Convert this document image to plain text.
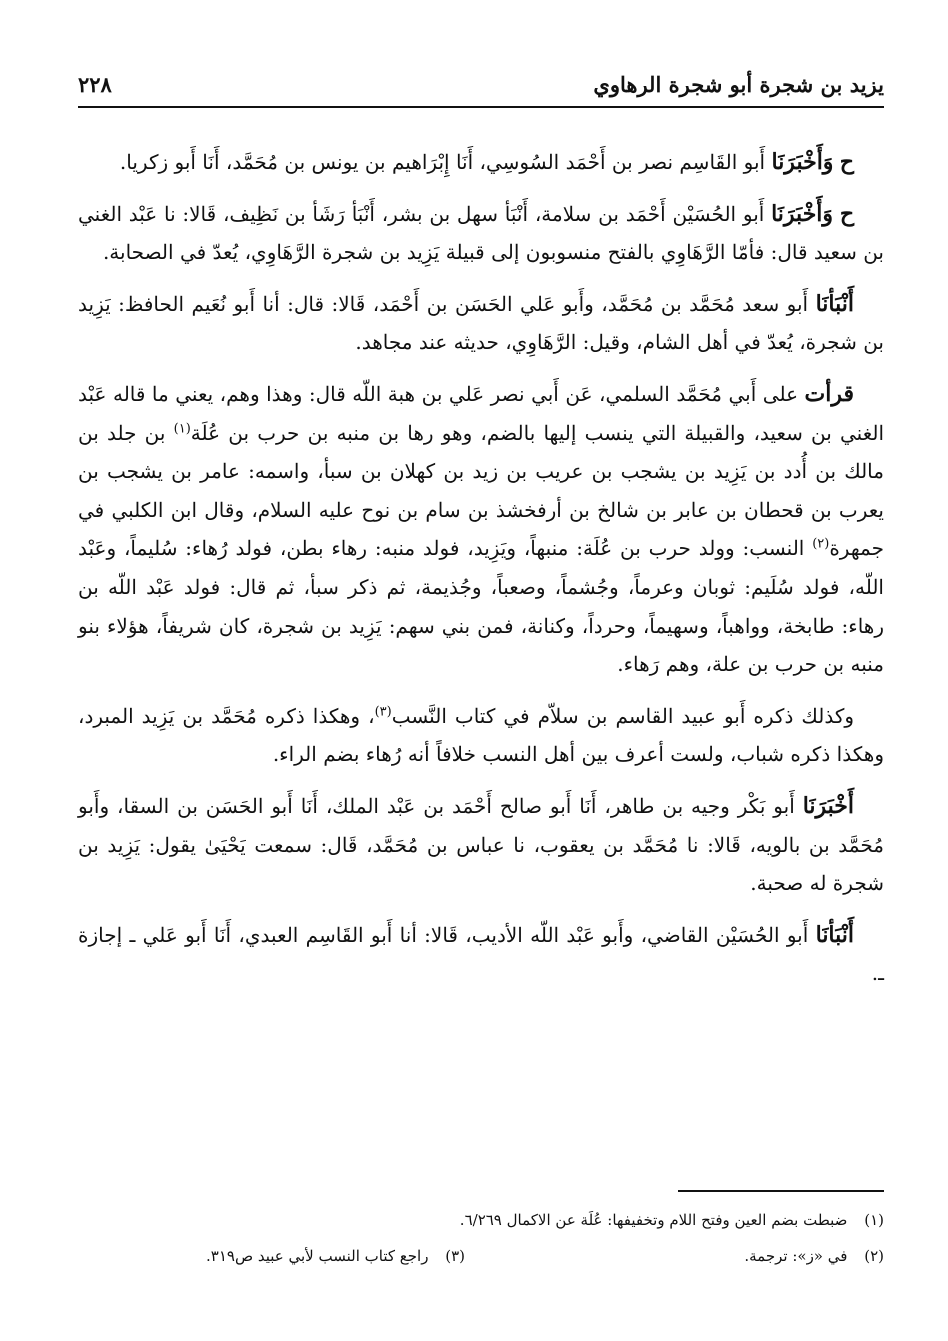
يزيد بن شجرة أبو شجرة الرهاوي
٢٢٨

ح وَأَخْبَرَنَا أَبو القَاسِم نصر بن أَحْمَد السُوسِي، أَنَا إِبْرَاهيم بن يونس بن مُحَمَّد، أَنَا أَبو زكريا.

ح وَأَخْبَرَنَا أَبو الحُسَيْن أَحْمَد بن سلامة، أَنْبَأ سهل بن بشر، أَنْبَأ رَشَأ بن نَظِيف، قَالا: نا عَبْد الغني بن سعيد قال: فأمّا الرَّهَاوِي بالفتح منسوبون إلى قبيلة يَزِيد بن شجرة الرَّهَاوِي، يُعدّ في الصحابة.

أَنْبَأنَا أَبو سعد مُحَمَّد بن مُحَمَّد، وأَبو عَلي الحَسَن بن أَحْمَد، قَالا: قال: أنا أَبو نُعَيم الحافظ: يَزِيد بن شجرة، يُعدّ في أهل الشام، وقيل: الرَّهَاوِي، حديثه عند مجاهد.

قرأت على أَبي مُحَمَّد السلمي، عَن أَبي نصر عَلي بن هبة اللّه قال: وهذا وهم، يعني ما قاله عَبْد الغني بن سعيد، والقبيلة التي ينسب إليها بالضم، وهو رها بن منبه بن حرب بن عُلَة$^{(١)}$ بن جلد بن مالك بن أُدد بن يَزِيد بن يشجب بن عريب بن زيد بن كهلان بن سبأ، واسمه: عامر بن يشجب بن يعرب بن قحطان بن عابر بن شالخ بن أرفخشذ بن سام بن نوح عليه السلام، وقال ابن الكلبي في جمهرة$^{(٢)}$ النسب: وولد حرب بن عُلَة: منبهاً، ويَزِيد، فولد منبه: رهاء بطن، فولد رُهاء: سُليماً، وعَبْد اللّه، فولد سُلَيم: ثوبان وعرماً، وجُشماً، وصعباً، وجُذيمة، ثم ذكر سبأ، ثم قال: فولد عَبْد اللّه بن رهاء: طابخة، وواهباً، وسهيماً، وحرداً، وكنانة، فمن بني سهم: يَزِيد بن شجرة، كان شريفاً، هؤلاء بنو منبه بن حرب بن علة، وهم رَهاء.

وكذلك ذكره أَبو عبيد القاسم بن سلاّم في كتاب النَّسب$^{(٣)}$، وهكذا ذكره مُحَمَّد بن يَزِيد المبرد، وهكذا ذكره شباب، ولست أعرف بين أهل النسب خلافاً أنه رُهاء بضم الراء.

أَخْبَرَنَا أَبو بَكْر وجيه بن طاهر، أَنَا أَبو صالح أَحْمَد بن عَبْد الملك، أَنَا أَبو الحَسَن بن السقا، وأَبو مُحَمَّد بن بالويه، قَالا: نا مُحَمَّد بن يعقوب، نا عباس بن مُحَمَّد، قَال: سمعت يَحْيَىٰ يقول: يَزِيد بن شجرة له صحبة.

أَنْبَأنَا أَبو الحُسَيْن القاضي، وأَبو عَبْد اللّه الأديب، قَالا: أنا أَبو القَاسِم العبدي، أَنَا أَبو عَلي ـ إجازة ـ.

(١) ضبطت بضم العين وفتح اللام وتخفيفها: عُلَة عن الاكمال ٦/٢٦٩.
(٢) في «ز»: ترجمة.
(٣) راجع كتاب النسب لأبي عبيد ص٣١٩.
